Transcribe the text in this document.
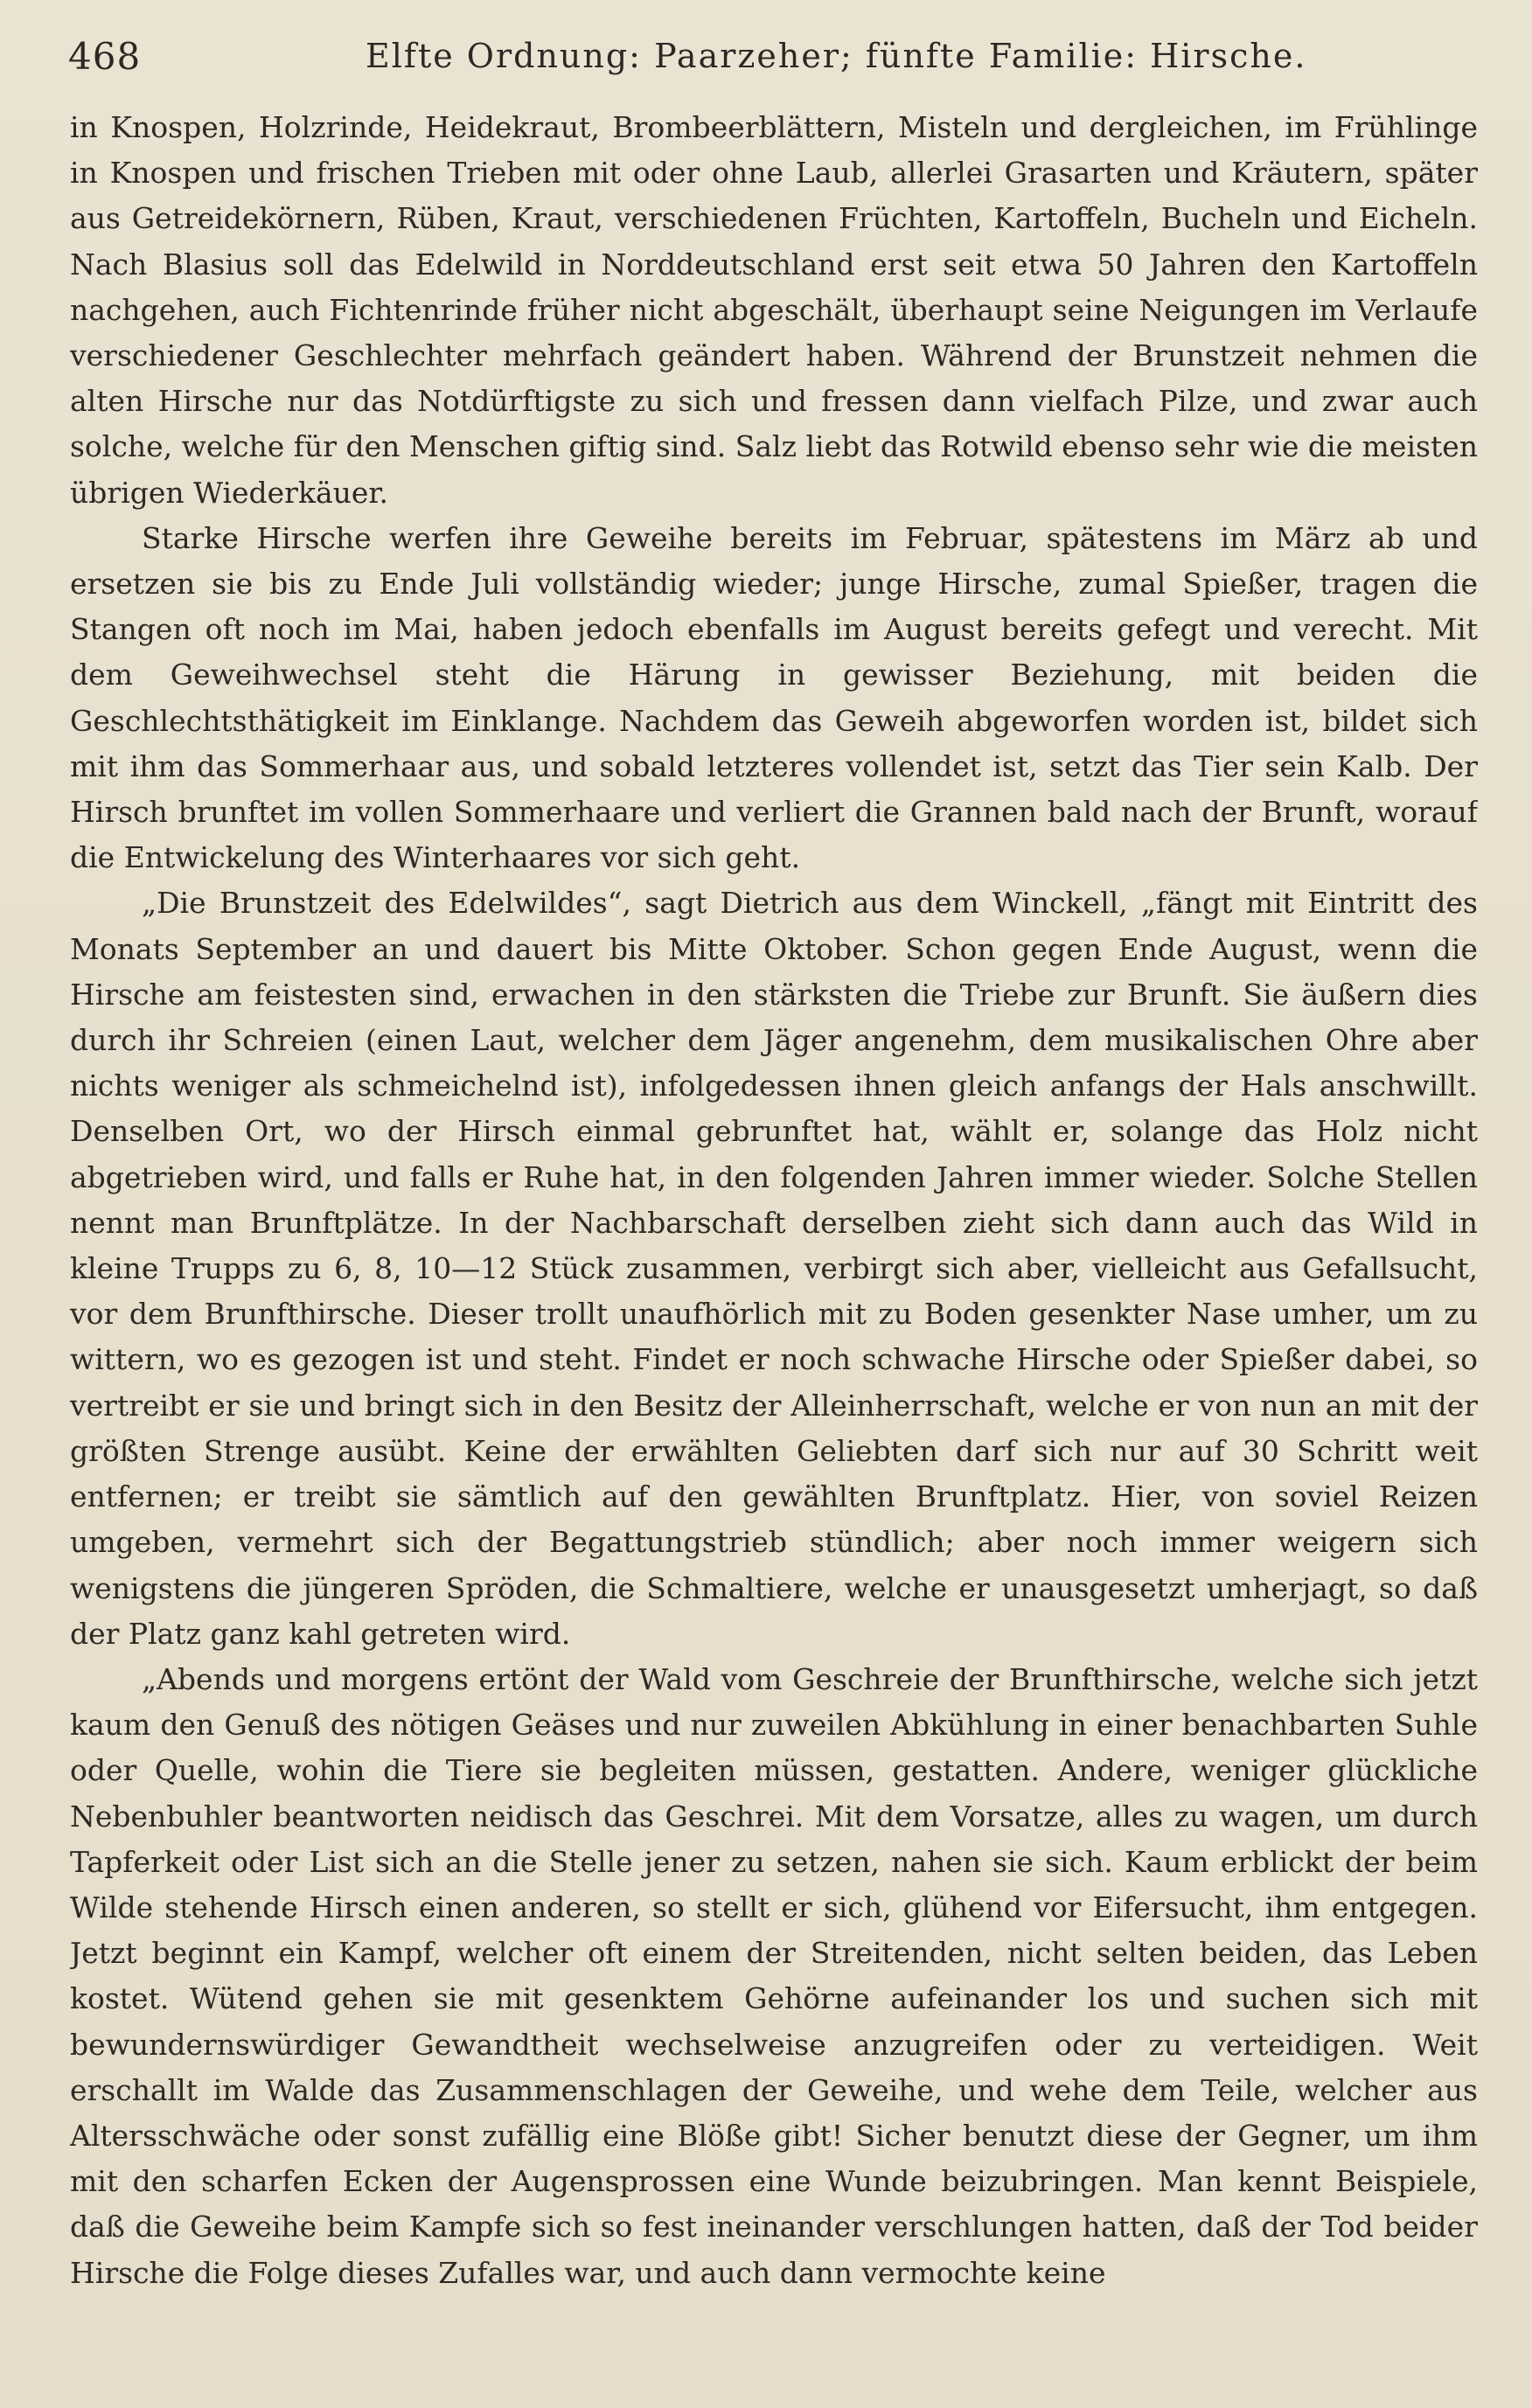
468	Elfte Ordnung: Paarzeher; fünfte Familie: Hirsche.

in Knospen, Holzrinde, Heidekraut, Brombeerblättern, Misteln und dergleichen, im Frühlinge in Knospen und frischen Trieben mit oder ohne Laub, allerlei Grasarten und Kräutern, später aus Getreidekörnern, Rüben, Kraut, verschiedenen Früchten, Kartoffeln, Bucheln und Eicheln. Nach Blasius soll das Edelwild in Norddeutschland erst seit etwa 50 Jahren den Kartoffeln nachgehen, auch Fichtenrinde früher nicht abgeschält, überhaupt seine Neigungen im Verlaufe verschiedener Geschlechter mehrfach geändert haben. Während der Brunstzeit nehmen die alten Hirsche nur das Notdürftigste zu sich und fressen dann vielfach Pilze, und zwar auch solche, welche für den Menschen giftig sind. Salz liebt das Rotwild ebenso sehr wie die meisten übrigen Wiederkäuer.

Starke Hirsche werfen ihre Geweihe bereits im Februar, spätestens im März ab und ersetzen sie bis zu Ende Juli vollständig wieder; junge Hirsche, zumal Spießer, tragen die Stangen oft noch im Mai, haben jedoch ebenfalls im August bereits gefegt und verecht. Mit dem Geweihwechsel steht die Härung in gewisser Beziehung, mit beiden die Geschlechtsthätigkeit im Einklange. Nachdem das Geweih abgeworfen worden ist, bildet sich mit ihm das Sommerhaar aus, und sobald letzteres vollendet ist, setzt das Tier sein Kalb. Der Hirsch brunftet im vollen Sommerhaare und verliert die Grannen bald nach der Brunft, worauf die Entwickelung des Winterhaares vor sich geht.

„Die Brunstzeit des Edelwildes“, sagt Dietrich aus dem Winckell, „fängt mit Eintritt des Monats September an und dauert bis Mitte Oktober. Schon gegen Ende August, wenn die Hirsche am feistesten sind, erwachen in den stärksten die Triebe zur Brunft. Sie äußern dies durch ihr Schreien (einen Laut, welcher dem Jäger angenehm, dem musikalischen Ohre aber nichts weniger als schmeichelnd ist), infolgedessen ihnen gleich anfangs der Hals anschwillt. Denselben Ort, wo der Hirsch einmal gebrunftet hat, wählt er, solange das Holz nicht abgetrieben wird, und falls er Ruhe hat, in den folgenden Jahren immer wieder. Solche Stellen nennt man Brunftplätze. In der Nachbarschaft derselben zieht sich dann auch das Wild in kleine Trupps zu 6, 8, 10—12 Stück zusammen, verbirgt sich aber, vielleicht aus Gefallsucht, vor dem Brunfthirsche. Dieser trollt unaufhörlich mit zu Boden gesenkter Nase umher, um zu wittern, wo es gezogen ist und steht. Findet er noch schwache Hirsche oder Spießer dabei, so vertreibt er sie und bringt sich in den Besitz der Alleinherrschaft, welche er von nun an mit der größten Strenge ausübt. Keine der erwählten Geliebten darf sich nur auf 30 Schritt weit entfernen; er treibt sie sämtlich auf den gewählten Brunftplatz. Hier, von soviel Reizen umgeben, vermehrt sich der Begattungstrieb stündlich; aber noch immer weigern sich wenigstens die jüngeren Spröden, die Schmaltiere, welche er unausgesetzt umherjagt, so daß der Platz ganz kahl getreten wird.

„Abends und morgens ertönt der Wald vom Geschreie der Brunfthirsche, welche sich jetzt kaum den Genuß des nötigen Geäses und nur zuweilen Abkühlung in einer benachbarten Suhle oder Quelle, wohin die Tiere sie begleiten müssen, gestatten. Andere, weniger glückliche Nebenbuhler beantworten neidisch das Geschrei. Mit dem Vorsatze, alles zu wagen, um durch Tapferkeit oder List sich an die Stelle jener zu setzen, nahen sie sich. Kaum erblickt der beim Wilde stehende Hirsch einen anderen, so stellt er sich, glühend vor Eifersucht, ihm entgegen. Jetzt beginnt ein Kampf, welcher oft einem der Streitenden, nicht selten beiden, das Leben kostet. Wütend gehen sie mit gesenktem Gehörne aufeinander los und suchen sich mit bewundernswürdiger Gewandtheit wechselweise anzugreifen oder zu verteidigen. Weit erschallt im Walde das Zusammenschlagen der Geweihe, und wehe dem Teile, welcher aus Altersschwäche oder sonst zufällig eine Blöße gibt! Sicher benutzt diese der Gegner, um ihm mit den scharfen Ecken der Augensprossen eine Wunde beizubringen. Man kennt Beispiele, daß die Geweihe beim Kampfe sich so fest ineinander verschlungen hatten, daß der Tod beider Hirsche die Folge dieses Zufalles war, und auch dann vermochte keine
